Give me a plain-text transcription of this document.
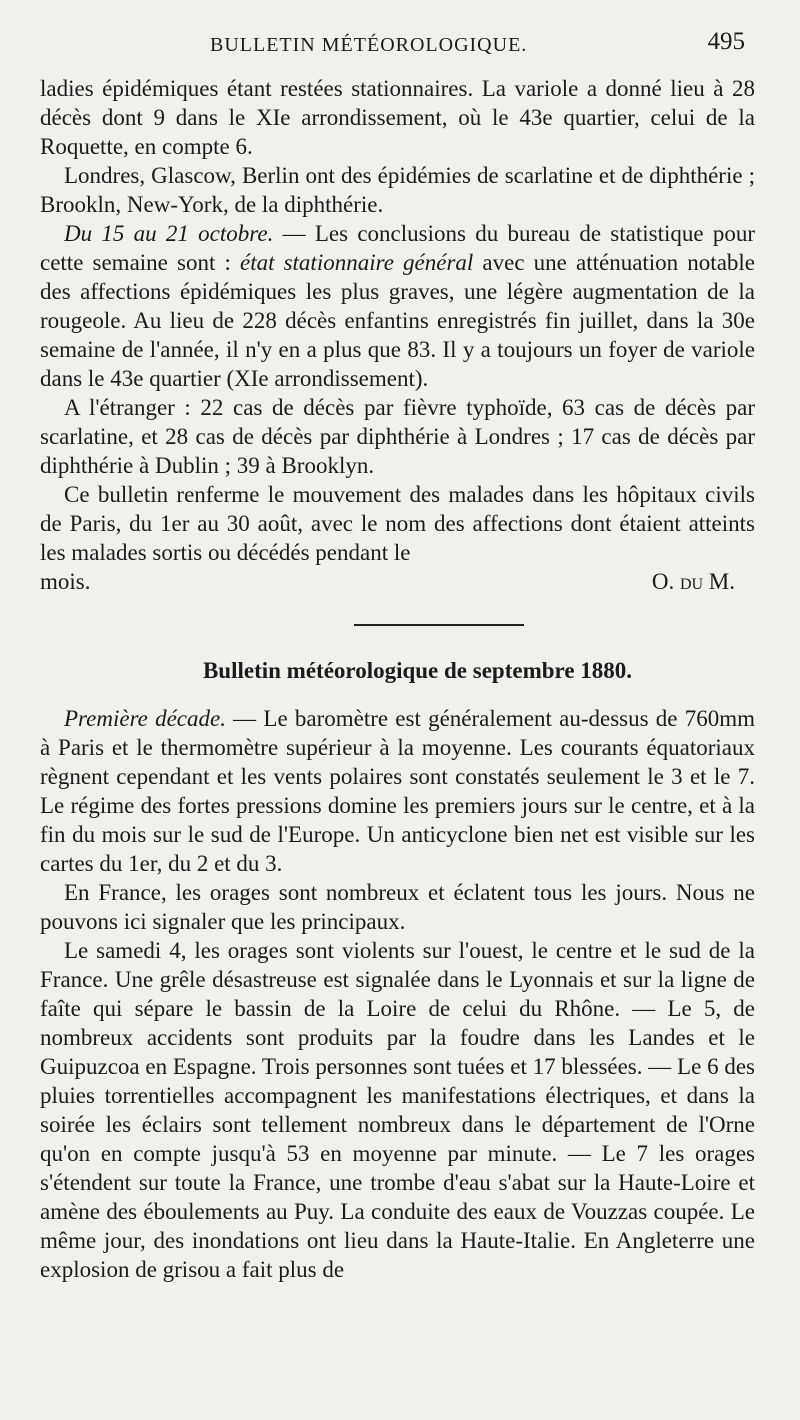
BULLETIN MÉTÉOROLOGIQUE.	495

ladies épidémiques étant restées stationnaires. La variole a donné lieu à 28 décès dont 9 dans le XIe arrondissement, où le 43e quartier, celui de la Roquette, en compte 6.

Londres, Glascow, Berlin ont des épidémies de scarlatine et de diphthérie ; Brookln, New-York, de la diphthérie.

Du 15 au 21 octobre. — Les conclusions du bureau de statistique pour cette semaine sont : état stationnaire général avec une atténuation notable des affections épidémiques les plus graves, une légère augmentation de la rougeole. Au lieu de 228 décès enfantins enregistrés fin juillet, dans la 30e semaine de l'année, il n'y en a plus que 83. Il y a toujours un foyer de variole dans le 43e quartier (XIe arrondissement).

A l'étranger : 22 cas de décès par fièvre typhoïde, 63 cas de décès par scarlatine, et 28 cas de décès par diphthérie à Londres ; 17 cas de décès par diphthérie à Dublin ; 39 à Brooklyn.

Ce bulletin renferme le mouvement des malades dans les hôpitaux civils de Paris, du 1er au 30 août, avec le nom des affections dont étaient atteints les malades sortis ou décédés pendant le

mois.	O. du M.
Bulletin météorologique de septembre 1880.

Première décade. — Le baromètre est généralement au-dessus de 760mm à Paris et le thermomètre supérieur à la moyenne. Les courants équatoriaux règnent cependant et les vents polaires sont constatés seulement le 3 et le 7. Le régime des fortes pressions domine les premiers jours sur le centre, et à la fin du mois sur le sud de l'Europe. Un anticyclone bien net est visible sur les cartes du 1er, du 2 et du 3.

En France, les orages sont nombreux et éclatent tous les jours. Nous ne pouvons ici signaler que les principaux.

Le samedi 4, les orages sont violents sur l'ouest, le centre et le sud de la France. Une grêle désastreuse est signalée dans le Lyonnais et sur la ligne de faîte qui sépare le bassin de la Loire de celui du Rhône. — Le 5, de nombreux accidents sont produits par la foudre dans les Landes et le Guipuzcoa en Espagne. Trois personnes sont tuées et 17 blessées. — Le 6 des pluies torrentielles accompagnent les manifestations électriques, et dans la soirée les éclairs sont tellement nombreux dans le département de l'Orne qu'on en compte jusqu'à 53 en moyenne par minute. — Le 7 les orages s'étendent sur toute la France, une trombe d'eau s'abat sur la Haute-Loire et amène des éboulements au Puy. La conduite des eaux de Vouzzas coupée. Le même jour, des inondations ont lieu dans la Haute-Italie. En Angleterre une explosion de grisou a fait plus de
